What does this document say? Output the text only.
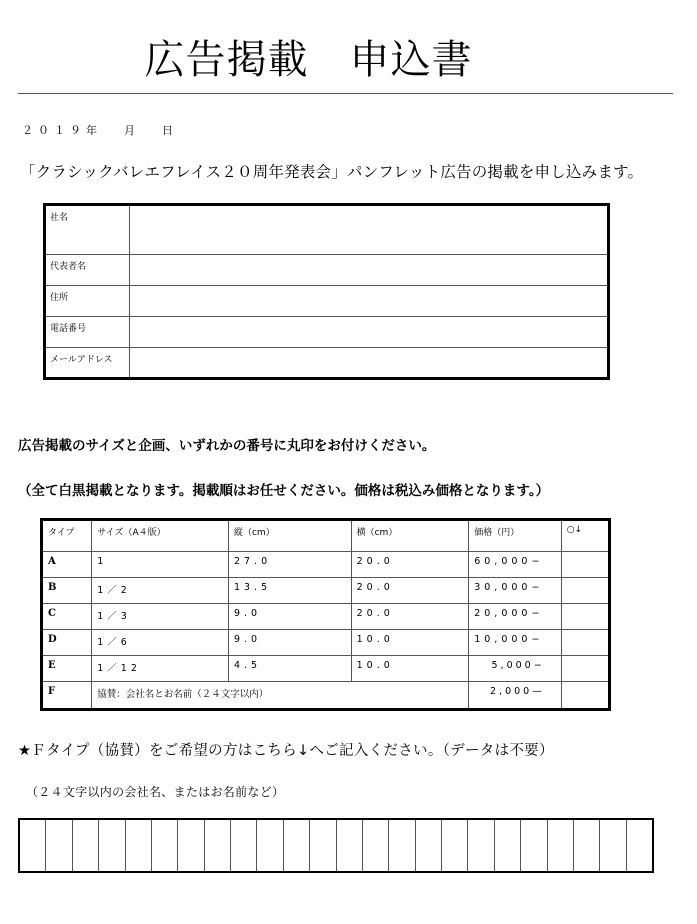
広告掲載　申込書
２０１９年 月 日
「クラシックバレエフレイス２０周年発表会」パンフレット広告の掲載を申し込みます。
社名	
代表者名	
住所	
電話番号	
メールアドレス	
広告掲載のサイズと企画、いずれかの番号に丸印をお付けください。
（全て白黒掲載となります。掲載順はお任せください。価格は税込み価格となります。）
タイプ	サイズ（A４版）	縦（cm）	横（cm）	価格（円）	○↓
A	1	27.0	20.0	60,000−	
B	1／2	13.5	20.0	30,000−	
C	1／3	9.0	20.0	20,000−	
D	1／6	9.0	10.0	10,000−	
E	1／12	4.5	10.0	5,000−	
F	協賛：会社名とお名前（２４文字以内）			2,000—	
★Ｆタイプ（協賛）をご希望の方はこちら↓へご記入ください。（データは不要）
（２４文字以内の会社名、またはお名前など）
